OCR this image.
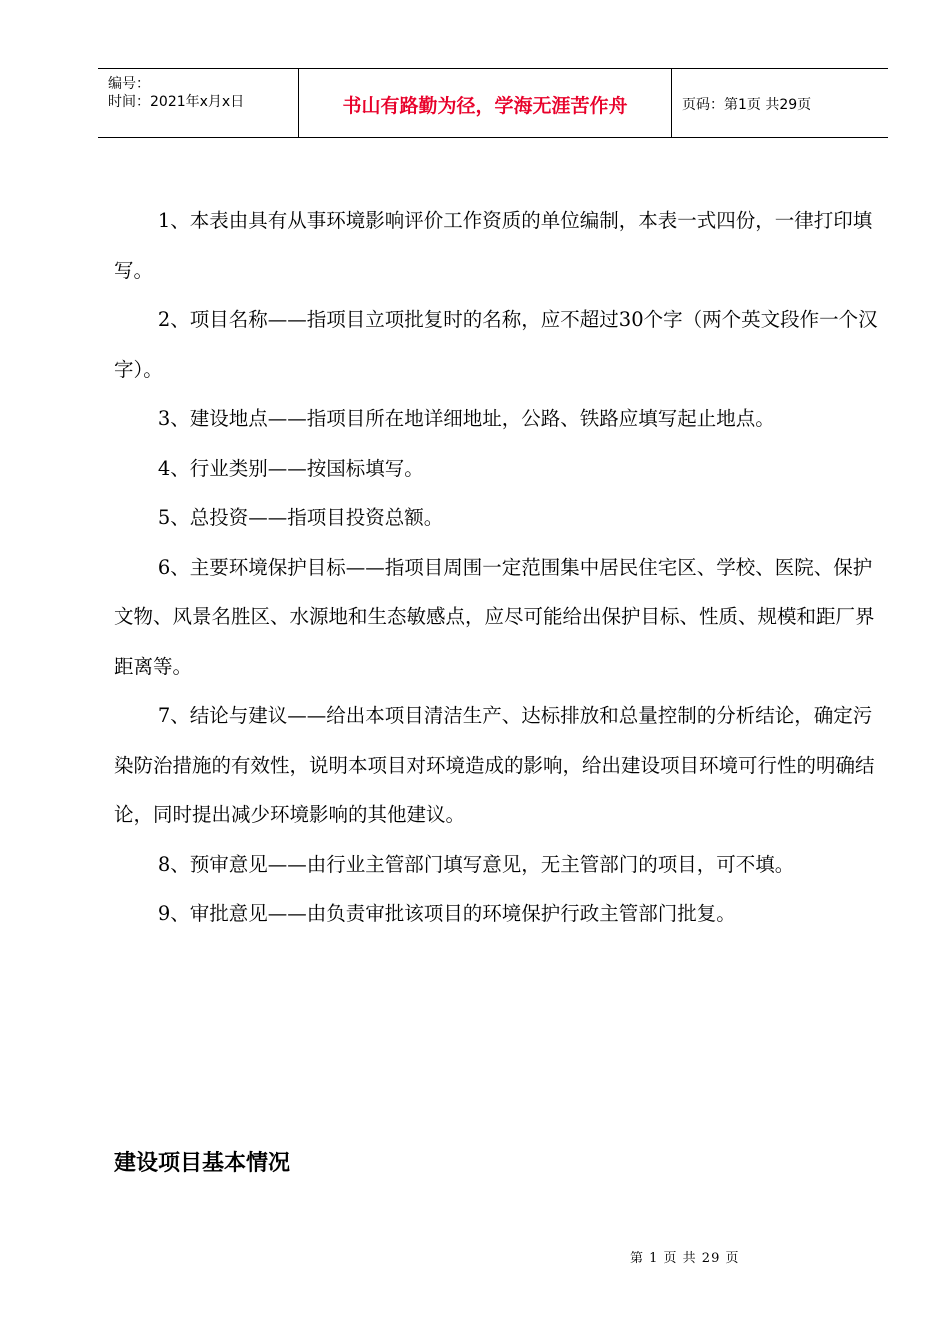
编号：
时间：2021年x月x日	书山有路勤为径，学海无涯苦作舟	页码：第1页 共29页

1、本表由具有从事环境影响评价工作资质的单位编制，本表一式四份，一律打印填写。

2、项目名称——指项目立项批复时的名称，应不超过30个字（两个英文段作一个汉字）。

3、建设地点——指项目所在地详细地址，公路、铁路应填写起止地点。

4、行业类别——按国标填写。

5、总投资——指项目投资总额。

6、主要环境保护目标——指项目周围一定范围集中居民住宅区、学校、医院、保护文物、风景名胜区、水源地和生态敏感点，应尽可能给出保护目标、性质、规模和距厂界距离等。

7、结论与建议——给出本项目清洁生产、达标排放和总量控制的分析结论，确定污染防治措施的有效性，说明本项目对环境造成的影响，给出建设项目环境可行性的明确结论，同时提出减少环境影响的其他建议。

8、预审意见——由行业主管部门填写意见，无主管部门的项目，可不填。

9、审批意见——由负责审批该项目的环境保护行政主管部门批复。

建设项目基本情况
第 1 页 共 29 页
